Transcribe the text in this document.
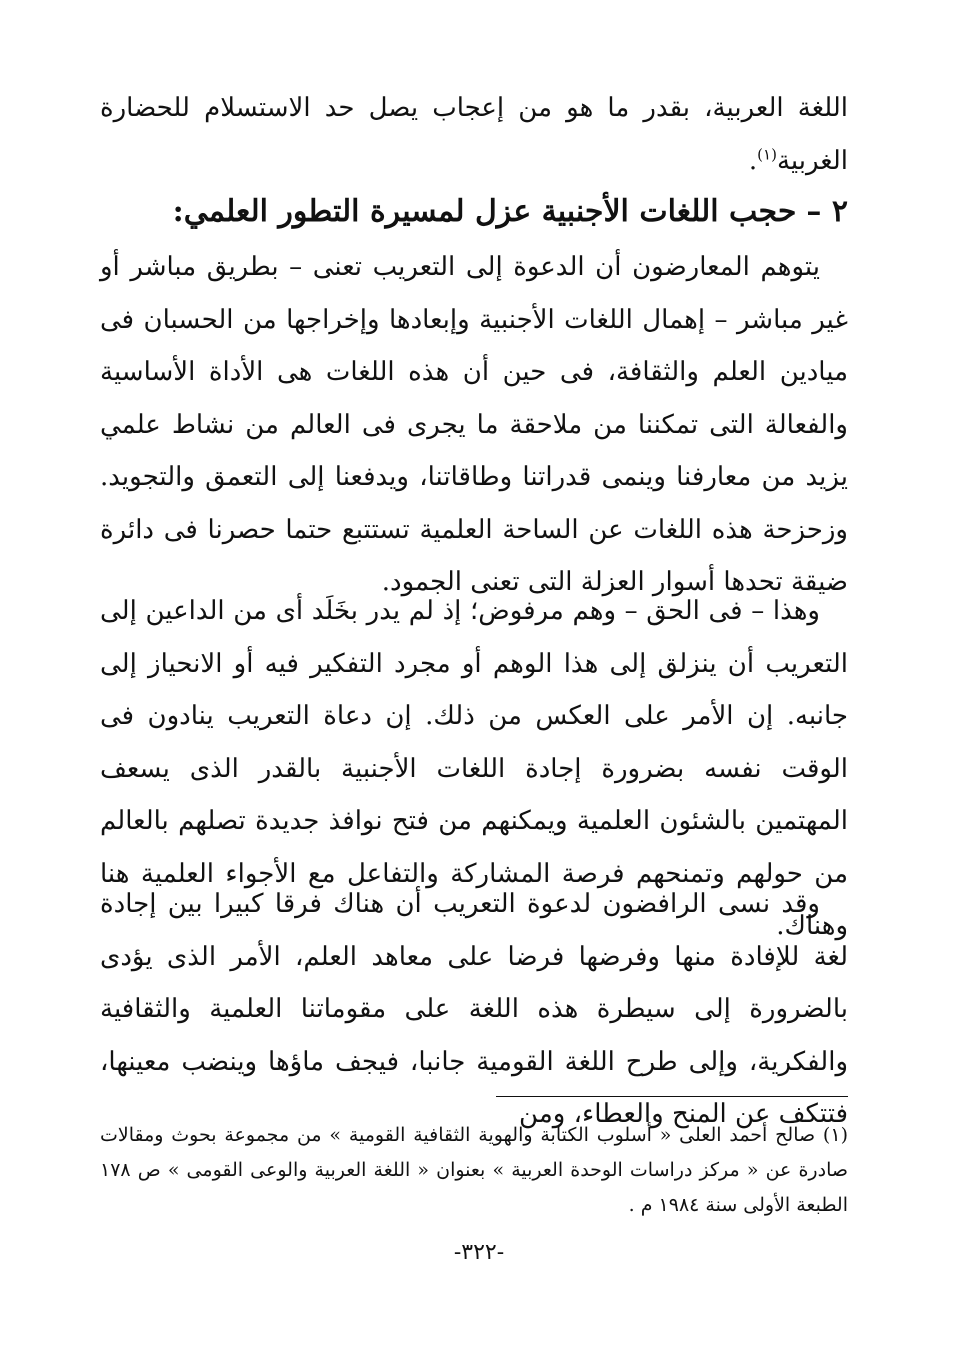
اللغة العربية، بقدر ما هو من إعجاب يصل حد الاستسلام للحضارة الغربية$^{(١)}$.

٢ –حجب اللغات الأجنبية عزل لمسيرة التطور العلمي:

يتوهم المعارضون أن الدعوة إلى التعريب تعنى – بطريق مباشر أو غير مباشر – إهمال اللغات الأجنبية وإبعادها وإخراجها من الحسبان فى ميادين العلم والثقافة، فى حين أن هذه اللغات هى الأداة الأساسية والفعالة التى تمكننا من ملاحقة ما يجرى فى العالم من نشاط علمي يزيد من معارفنا وينمى قدراتنا وطاقاتنا، ويدفعنا إلى التعمق والتجويد. وزحزحة هذه اللغات عن الساحة العلمية تستتبع حتما حصرنا فى دائرة ضيقة تحدها أسوار العزلة التى تعنى الجمود.

وهذا – فى الحق – وهم مرفوض؛ إذ لم يدر بخَلَد أى من الداعين إلى التعريب أن ينزلق إلى هذا الوهم أو مجرد التفكير فيه أو الانحياز إلى جانبه. إن الأمر على العكس من ذلك. إن دعاة التعريب ينادون فى الوقت نفسه بضرورة إجادة اللغات الأجنبية بالقدر الذى يسعف المهتمين بالشئون العلمية ويمكنهم من فتح نوافذ جديدة تصلهم بالعالم من حولهم وتمنحهم فرصة المشاركة والتفاعل مع الأجواء العلمية هنا وهناك.

وقد نسى الرافضون لدعوة التعريب أن هناك فرقا كبيرا بين إجادة لغة للإفادة منها وفرضها فرضا على معاهد العلم، الأمر الذى يؤدى بالضرورة إلى سيطرة هذه اللغة على مقوماتنا العلمية والثقافية والفكرية، وإلى طرح اللغة القومية جانبا، فيجف ماؤها وينضب معينها، فتتكف عن المنح والعطاء، ومن

(١) صالح أحمد العلى « أسلوب الكتابة والهوية الثقافية القومية » من مجموعة بحوث ومقالات صادرة عن « مركز دراسات الوحدة العربية » بعنوان « اللغة العربية والوعى القومى » ص ١٧٨ الطبعة الأولى سنة ١٩٨٤ م .

-٣٢٢-
